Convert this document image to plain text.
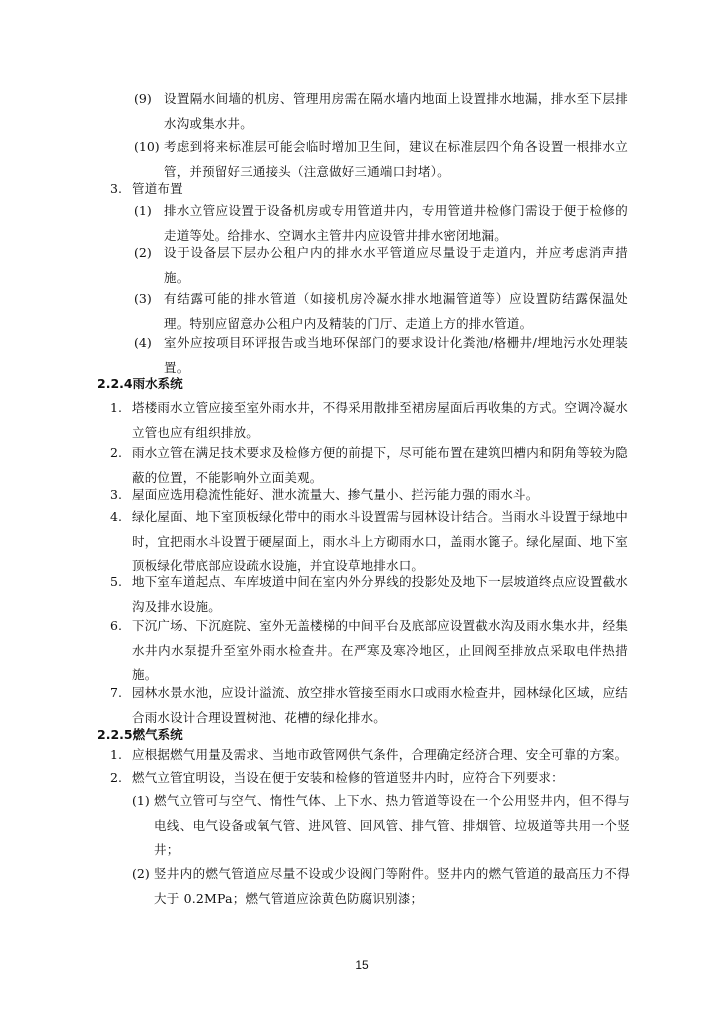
(9) 设置隔水间墙的机房、管理用房需在隔水墙内地面上设置排水地漏，排水至下层排水沟或集水井。
(10) 考虑到将来标准层可能会临时增加卫生间，建议在标准层四个角各设置一根排水立管，并预留好三通接头（注意做好三通端口封堵）。
3. 管道布置
(1) 排水立管应设置于设备机房或专用管道井内，专用管道井检修门需设于便于检修的走道等处。给排水、空调水主管井内应设管井排水密闭地漏。
(2) 设于设备层下层办公租户内的排水水平管道应尽量设于走道内，并应考虑消声措施。
(3) 有结露可能的排水管道（如接机房冷凝水排水地漏管道等）应设置防结露保温处理。特别应留意办公租户内及精装的门厅、走道上方的排水管道。
(4) 室外应按项目环评报告或当地环保部门的要求设计化粪池/格栅井/埋地污水处理装置。
2.2.4雨水系统
1. 塔楼雨水立管应接至室外雨水井，不得采用散排至裙房屋面后再收集的方式。空调冷凝水立管也应有组织排放。
2. 雨水立管在满足技术要求及检修方便的前提下，尽可能布置在建筑凹槽内和阴角等较为隐蔽的位置，不能影响外立面美观。
3. 屋面应选用稳流性能好、泄水流量大、掺气量小、拦污能力强的雨水斗。
4. 绿化屋面、地下室顶板绿化带中的雨水斗设置需与园林设计结合。当雨水斗设置于绿地中时，宜把雨水斗设置于硬屋面上，雨水斗上方砌雨水口，盖雨水篦子。绿化屋面、地下室顶板绿化带底部应设疏水设施，并宜设草地排水口。
5. 地下室车道起点、车库坡道中间在室内外分界线的投影处及地下一层坡道终点应设置截水沟及排水设施。
6. 下沉广场、下沉庭院、室外无盖楼梯的中间平台及底部应设置截水沟及雨水集水井，经集水井内水泵提升至室外雨水检查井。在严寒及寒冷地区，止回阀至排放点采取电伴热措施。
7. 园林水景水池，应设计溢流、放空排水管接至雨水口或雨水检查井，园林绿化区域，应结合雨水设计合理设置树池、花槽的绿化排水。
2.2.5燃气系统
1. 应根据燃气用量及需求、当地市政管网供气条件，合理确定经济合理、安全可靠的方案。
2. 燃气立管宜明设，当设在便于安装和检修的管道竖井内时，应符合下列要求：
(1) 燃气立管可与空气、惰性气体、上下水、热力管道等设在一个公用竖井内，但不得与电线、电气设备或氧气管、进风管、回风管、排气管、排烟管、垃圾道等共用一个竖井；
(2) 竖井内的燃气管道应尽量不设或少设阀门等附件。竖井内的燃气管道的最高压力不得大于 0.2MPa；燃气管道应涂黄色防腐识别漆；
15
